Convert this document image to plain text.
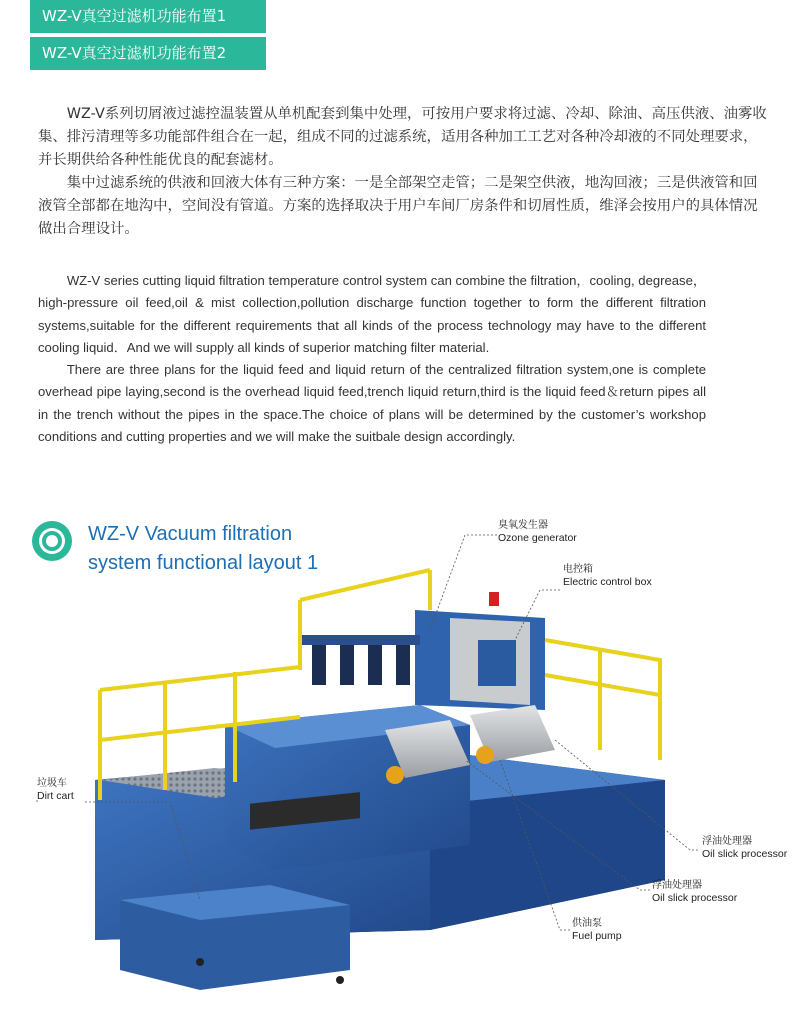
WZ-V真空过滤机功能布置1
WZ-V真空过滤机功能布置2

WZ-V系列切屑液过滤控温装置从单机配套到集中处理，可按用户要求将过滤、冷却、除油、高压供液、油雾收集、排污清理等多功能部件组合在一起，组成不同的过滤系统，适用各种加工工艺对各种冷却液的不同处理要求，并长期供给各种性能优良的配套滤材。

集中过滤系统的供液和回液大体有三种方案：一是全部架空走管；二是架空供液，地沟回液；三是供液管和回液管全部都在地沟中，空间没有管道。方案的选择取决于用户车间厂房条件和切屑性质，维泽会按用户的具体情况做出合理设计。

WZ-V series cutting liquid filtration temperature control system can combine the filtration，cooling, degrease，high-pressure oil feed,oil & mist collection,pollution discharge function together to form the different filtration systems,suitable for the different requirements that all kinds of the process technology may have to the different cooling liquid．And we will supply all kinds of superior matching filter material.

There are three plans for the liquid feed and liquid return of the centralized filtration system,one is complete overhead pipe laying,second is the overhead liquid feed,trench liquid return,third is the liquid feed＆return pipes all in the trench without the pipes in the space.The choice of plans will be determined by the customer’s workshop conditions and cutting properties and we will make the suitbale design accordingly.

WZ-V Vacuum filtration
system functional layout 1
臭氧发生器
Ozone generator
电控箱
Electric control box
垃圾车
Dirt cart
浮油处理器
Oil slick processor
浮油处理器
Oil slick processor
供油泵
Fuel pump
